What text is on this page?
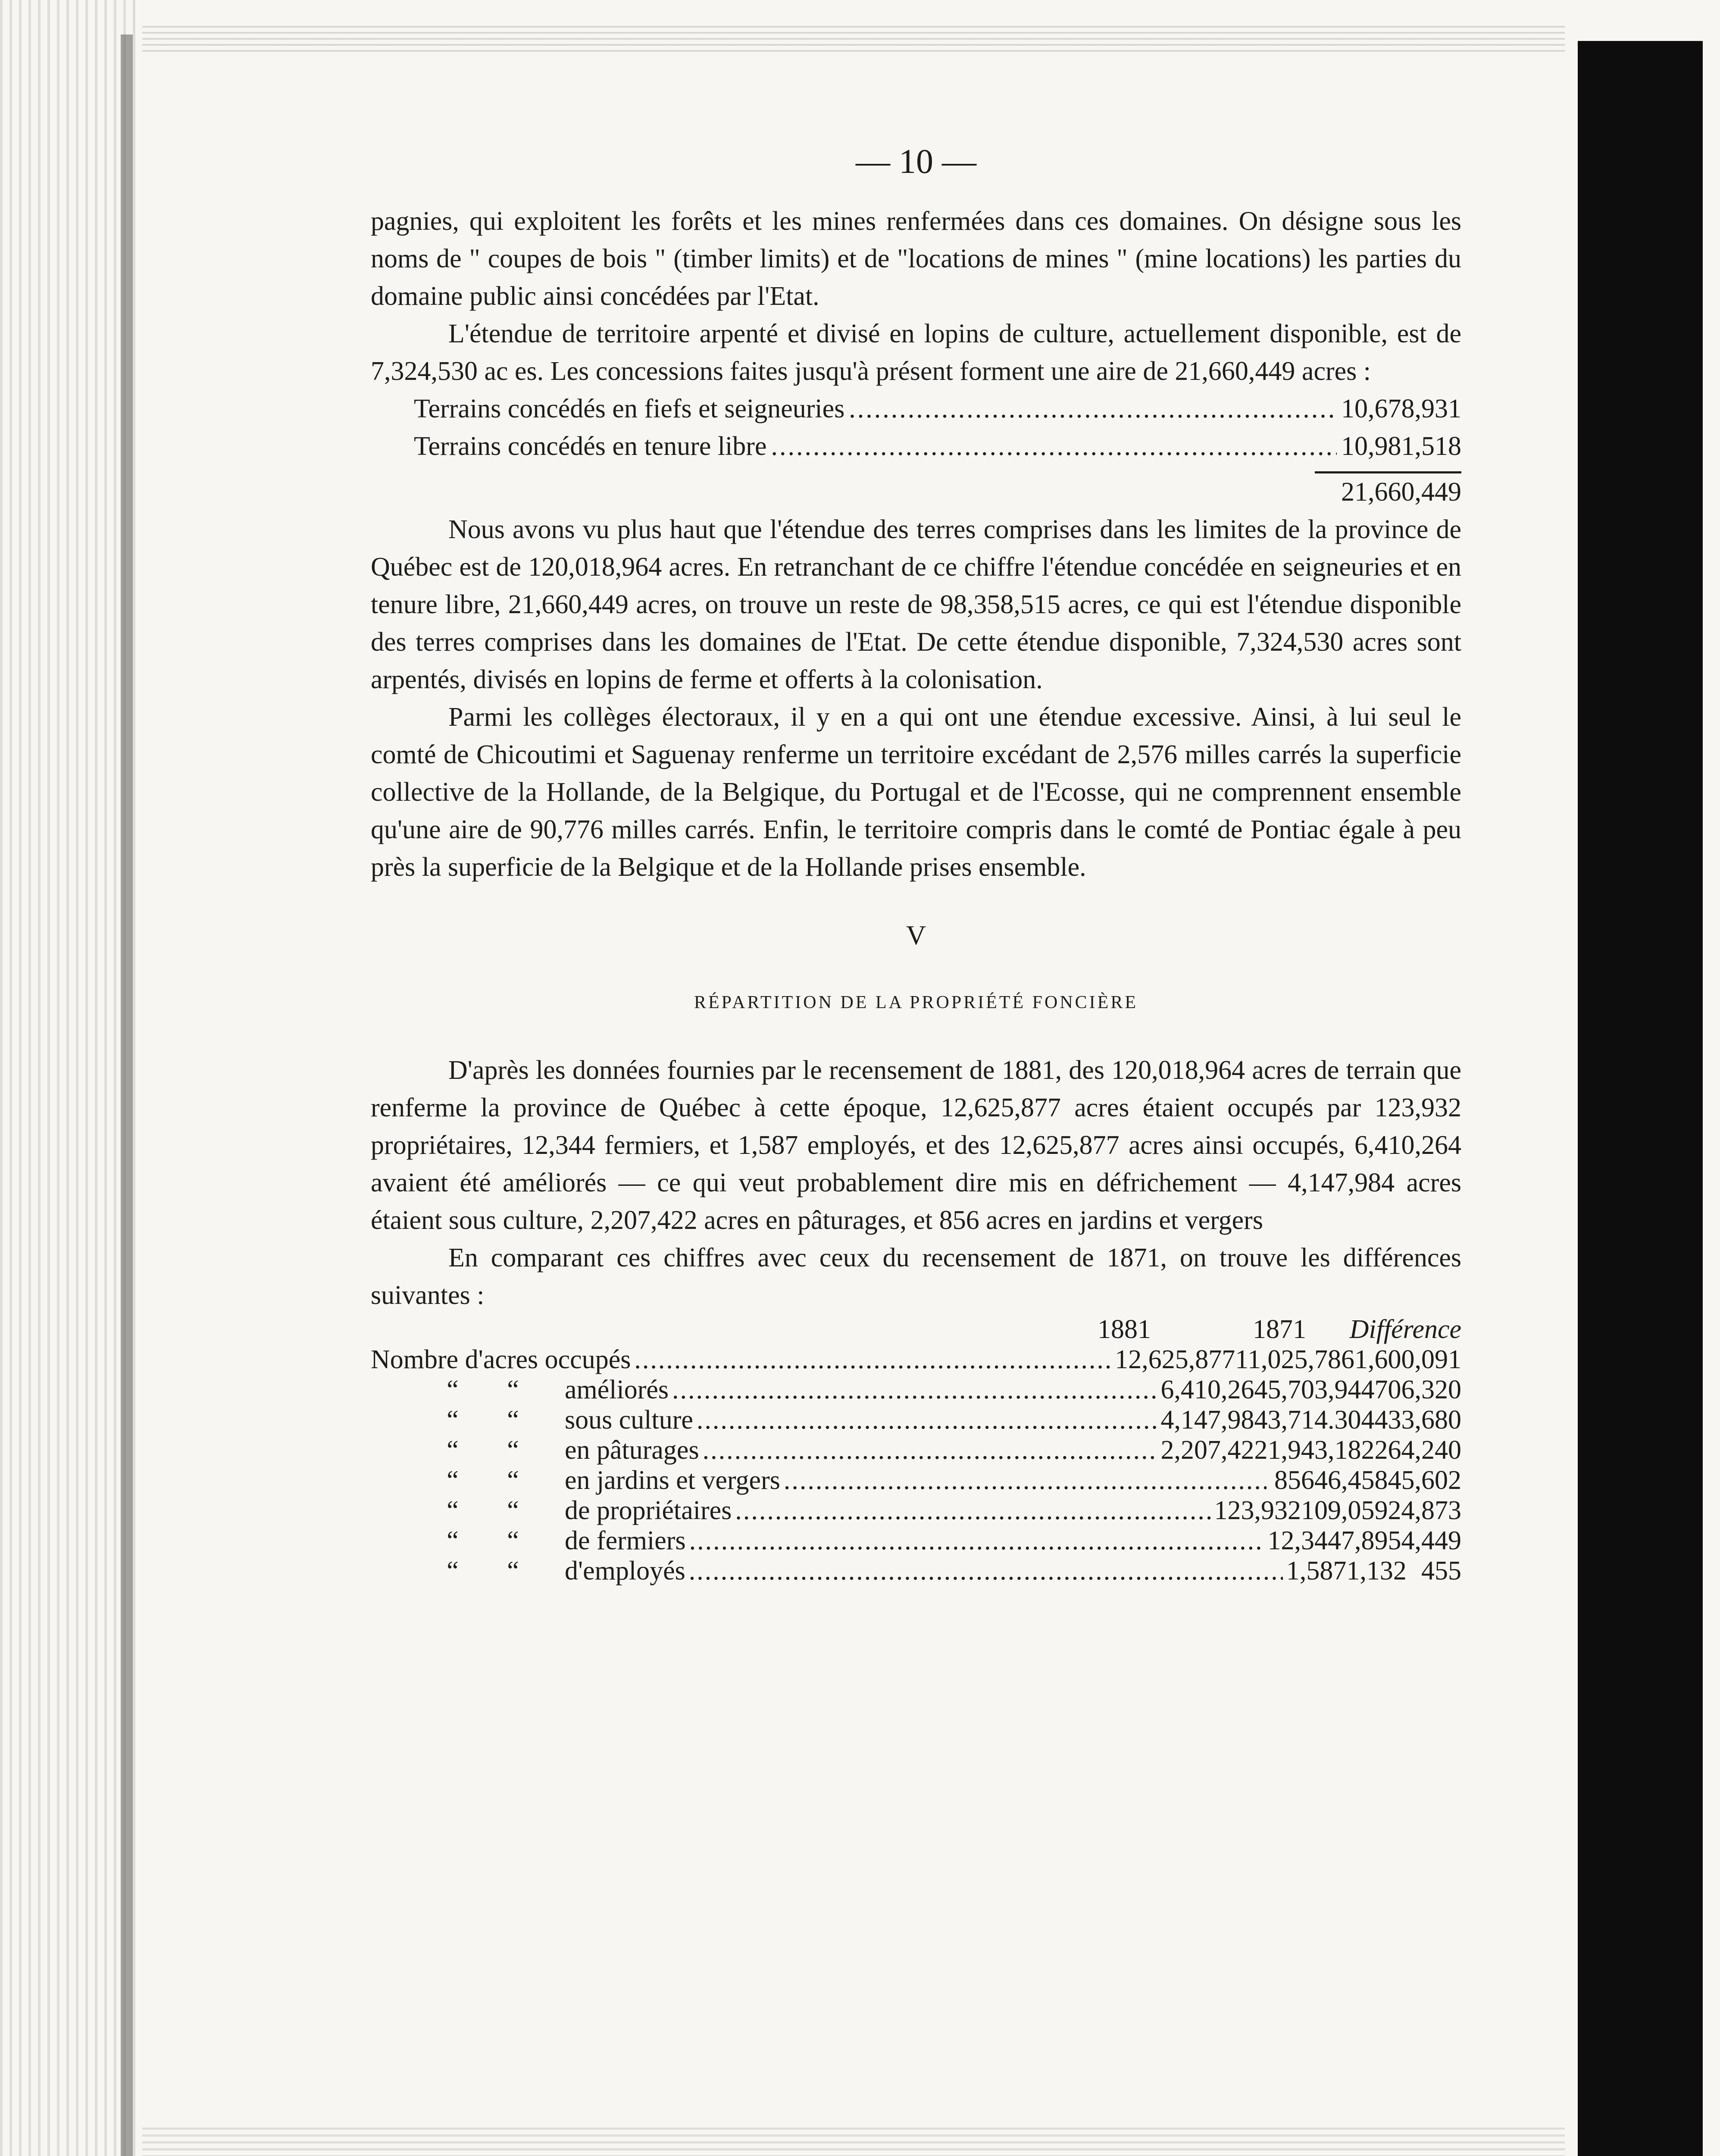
— 10 —

pagnies, qui exploitent les forêts et les mines renfermées dans ces domaines. On désigne sous les noms de " coupes de bois " (timber limits) et de "locations de mines " (mine locations) les parties du domaine public ainsi concédées par l'Etat.

L'étendue de territoire arpenté et divisé en lopins de culture, actuellement disponible, est de 7,324,530 ac es. Les concessions faites jusqu'à présent forment une aire de 21,660,449 acres :

Terrains concédés en fiefs et seigneuries .....	10,678,931
Terrains concédés en tenure libre .....	10,981,518
21,660,449

Nous avons vu plus haut que l'étendue des terres comprises dans les limites de la province de Québec est de 120,018,964 acres. En retranchant de ce chiffre l'étendue concédée en seigneuries et en tenure libre, 21,660,449 acres, on trouve un reste de 98,358,515 acres, ce qui est l'étendue disponible des terres comprises dans les domaines de l'Etat. De cette étendue disponible, 7,324,530 acres sont arpentés, divisés en lopins de ferme et offerts à la colonisation.

Parmi les collèges électoraux, il y en a qui ont une étendue excessive. Ainsi, à lui seul le comté de Chicoutimi et Saguenay renferme un territoire excédant de 2,576 milles carrés la superficie collective de la Hollande, de la Belgique, du Portugal et de l'Ecosse, qui ne comprennent ensemble qu'une aire de 90,776 milles carrés. Enfin, le territoire compris dans le comté de Pontiac égale à peu près la superficie de la Belgique et de la Hollande prises ensemble.

V
RÉPARTITION DE LA PROPRIÉTÉ FONCIÈRE

D'après les données fournies par le recensement de 1881, des 120,018,964 acres de terrain que renferme la province de Québec à cette époque, 12,625,877 acres étaient occupés par 123,932 propriétaires, 12,344 fermiers, et 1,587 employés, et des 12,625,877 acres ainsi occupés, 6,410,264 avaient été améliorés — ce qui veut probablement dire mis en défrichement — 4,147,984 acres étaient sous culture, 2,207,422 acres en pâturages, et 856 acres en jardins et vergers

En comparant ces chiffres avec ceux du recensement de 1871, on trouve les différences suivantes :

1881	1871	Différence
Nombre d'acres occupés .....	12,625,877 11,025,786 1,600,091
“ “ améliorés .....	6,410,264 5,703,944 706,320
“ “ sous culture .....	4,147,984 3,714.304 433,680
“ “ en pâturages .....	2,207,422 1,943,182 264,240
“ “ en jardins et vergers .....	856 46,458 45,602
“ “ de propriétaires .....	123,932 109,059 24,873
“ “ de fermiers .....	12,344 7,895 4,449
“ “ d'employés .....	1,587 1,132 455
